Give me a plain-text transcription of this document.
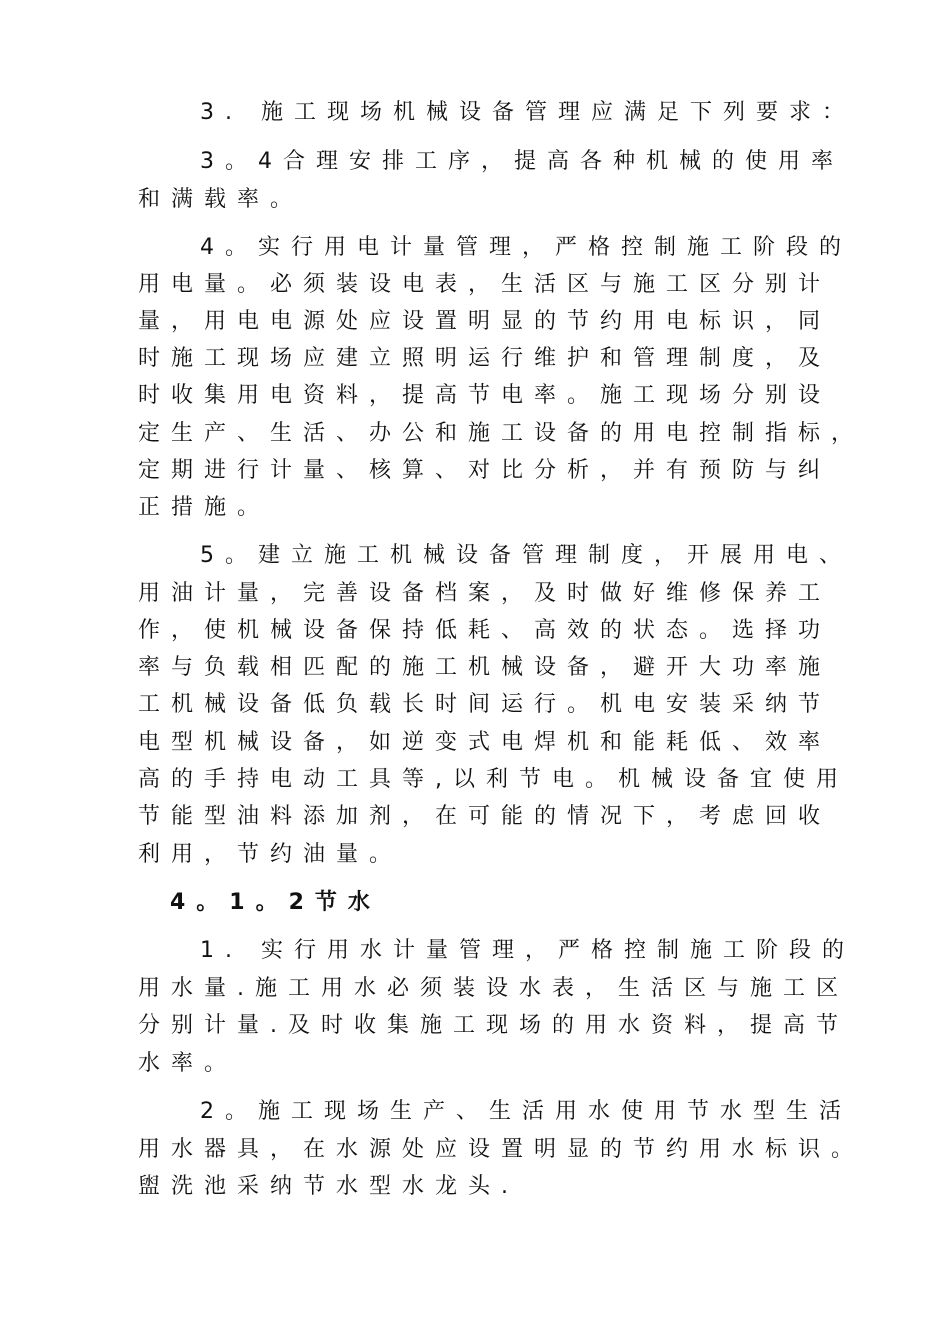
3. 施工现场机械设备管理应满足下列要求：

3。4合理安排工序，提高各种机械的使用率

和满载率。

4。实行用电计量管理，严格控制施工阶段的

用电量。必须装设电表，生活区与施工区分别计

量，用电电源处应设置明显的节约用电标识，同

时施工现场应建立照明运行维护和管理制度，及

时收集用电资料，提高节电率。施工现场分别设

定生产、生活、办公和施工设备的用电控制指标，

定期进行计量、核算、对比分析，并有预防与纠

正措施。

5。建立施工机械设备管理制度，开展用电、

用油计量，完善设备档案，及时做好维修保养工

作，使机械设备保持低耗、高效的状态。选择功

率与负载相匹配的施工机械设备，避开大功率施

工机械设备低负载长时间运行。机电安装采纳节

电型机械设备，如逆变式电焊机和能耗低、效率

高的手持电动工具等,以利节电。机械设备宜使用

节能型油料添加剂，在可能的情况下，考虑回收

利用，节约油量。

4。1。2节水

1. 实行用水计量管理，严格控制施工阶段的

用水量.施工用水必须装设水表，生活区与施工区

分别计量.及时收集施工现场的用水资料，提高节

水率。

2。施工现场生产、生活用水使用节水型生活

用水器具，在水源处应设置明显的节约用水标识。

盥洗池采纳节水型水龙头.
